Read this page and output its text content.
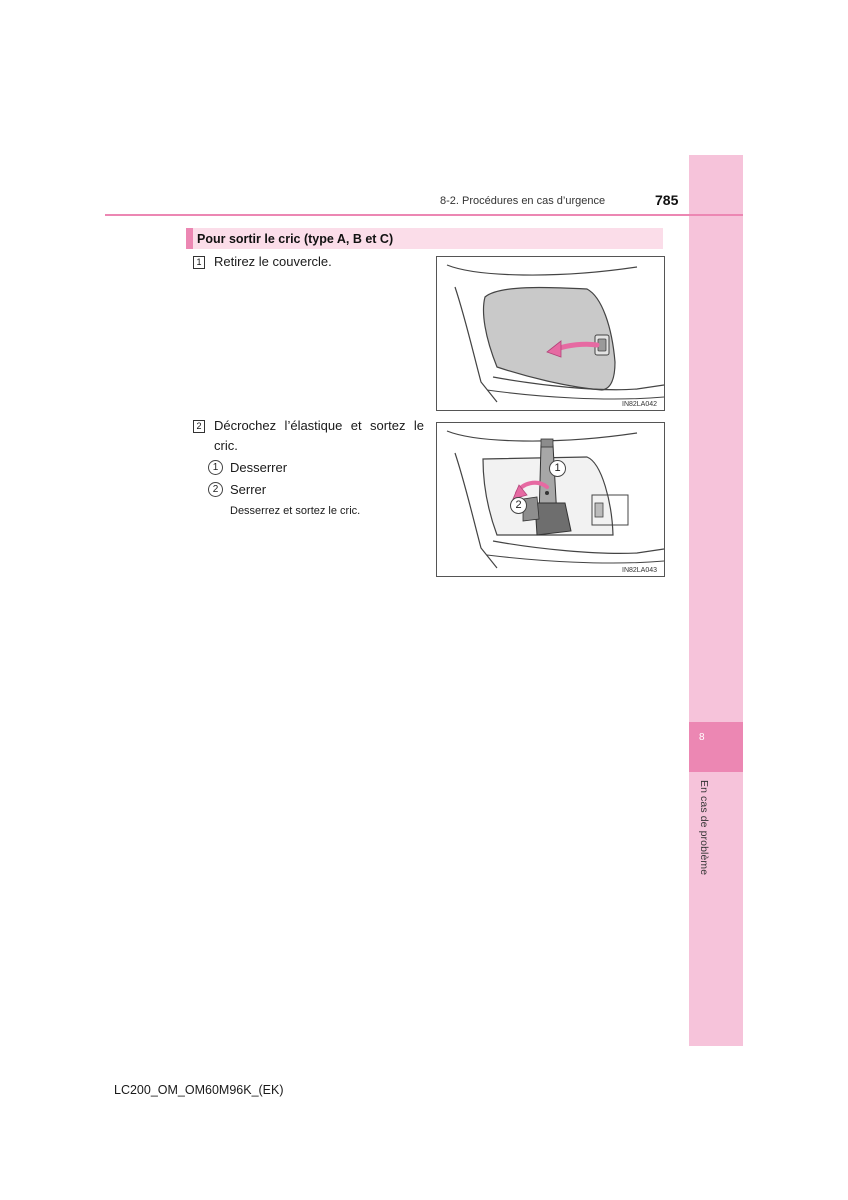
8
En cas de problème
8-2. Procédures en cas d’urgence	785
Pour sortir le cric (type A, B et C)
1 Retirez le couvercle.
2 Décrochez l’élastique et sortez le
cric.
1 Desserrer
2 Serrer
Desserrez et sortez le cric.
IN82LA042
1
2
IN82LA043
LC200_OM_OM60M96K_(EK)
